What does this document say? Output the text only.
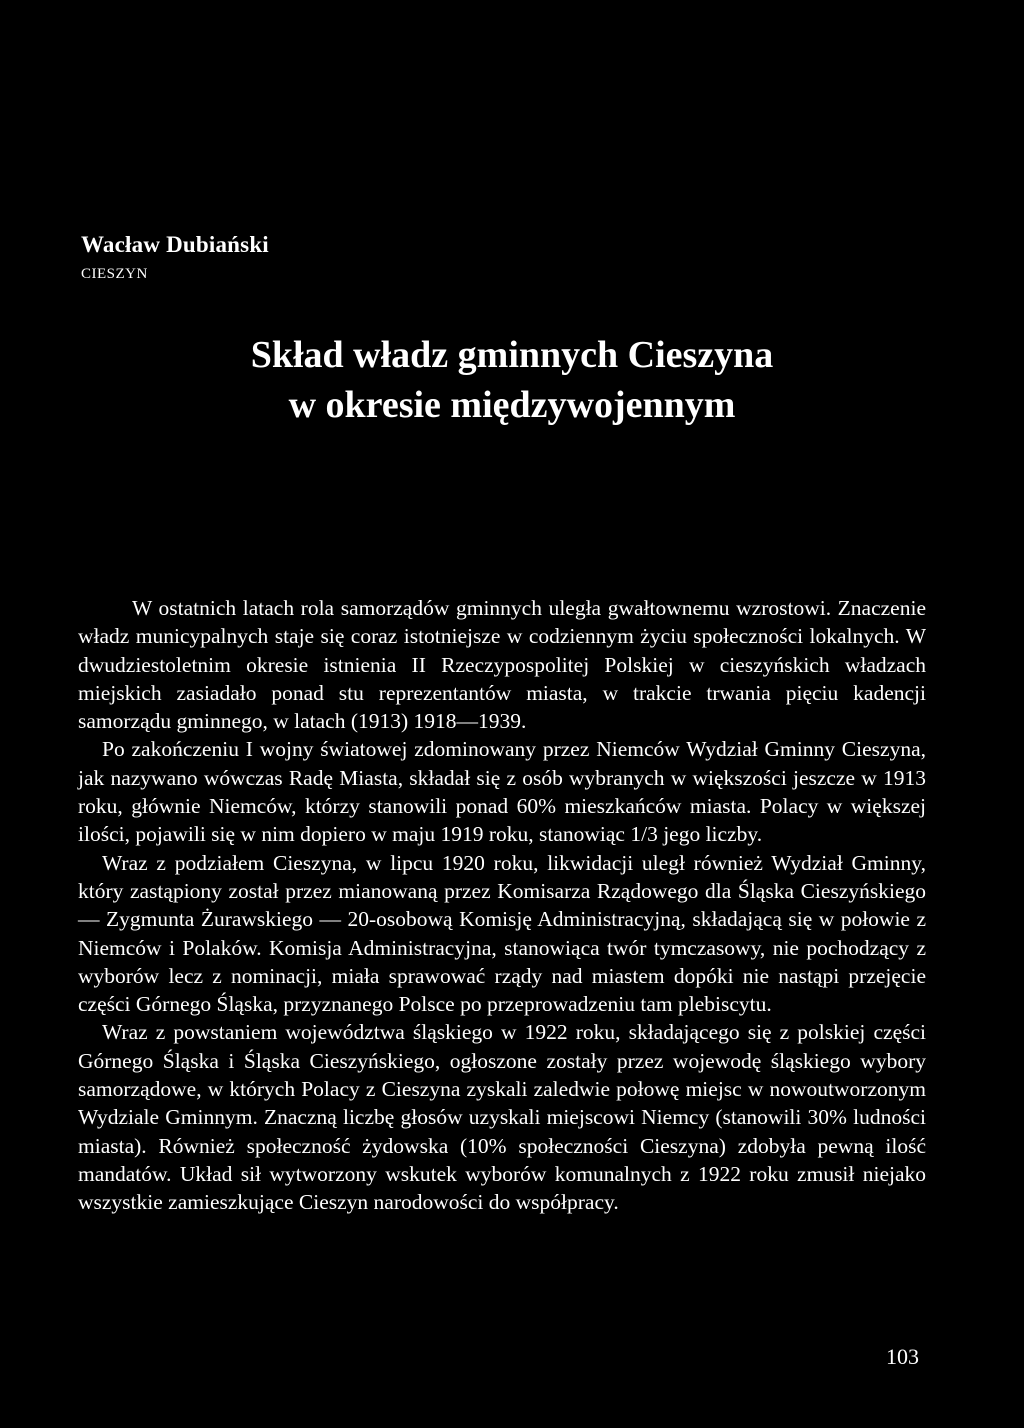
Wacław Dubiański
CIESZYN
Skład władz gminnych Cieszyna
w okresie międzywojennym

W ostatnich latach rola samorządów gminnych uległa gwałtownemu wzrostowi. Znaczenie władz municypalnych staje się coraz istotniejsze w codziennym życiu społeczności lokalnych. W dwudziestoletnim okresie istnienia II Rzeczypospolitej Polskiej w cieszyńskich władzach miejskich zasiadało ponad stu reprezentantów miasta, w trakcie trwania pięciu kadencji samorządu gminnego, w latach (1913) 1918—1939.

Po zakończeniu I wojny światowej zdominowany przez Niemców Wydział Gminny Cieszyna, jak nazywano wówczas Radę Miasta, składał się z osób wybranych w większości jeszcze w 1913 roku, głównie Niemców, którzy stanowili ponad 60% mieszkańców miasta. Polacy w większej ilości, pojawili się w nim dopiero w maju 1919 roku, stanowiąc 1/3 jego liczby.

Wraz z podziałem Cieszyna, w lipcu 1920 roku, likwidacji uległ również Wydział Gminny, który zastąpiony został przez mianowaną przez Komisarza Rządowego dla Śląska Cieszyńskiego — Zygmunta Żurawskiego — 20-osobową Komisję Administracyjną, składającą się w połowie z Niemców i Polaków. Komisja Administracyjna, stanowiąca twór tymczasowy, nie pochodzący z wyborów lecz z nominacji, miała sprawować rządy nad miastem dopóki nie nastąpi przejęcie części Górnego Śląska, przyznanego Polsce po przeprowadzeniu tam plebiscytu.

Wraz z powstaniem województwa śląskiego w 1922 roku, składającego się z polskiej części Górnego Śląska i Śląska Cieszyńskiego, ogłoszone zostały przez wojewodę śląskiego wybory samorządowe, w których Polacy z Cieszyna zyskali zaledwie połowę miejsc w nowoutworzonym Wydziale Gminnym. Znaczną liczbę głosów uzyskali miejscowi Niemcy (stanowili 30% ludności miasta). Również społeczność żydowska (10% społeczności Cieszyna) zdobyła pewną ilość mandatów. Układ sił wytworzony wskutek wyborów komunalnych z 1922 roku zmusił niejako wszystkie zamieszkujące Cieszyn narodowości do współpracy.

103
